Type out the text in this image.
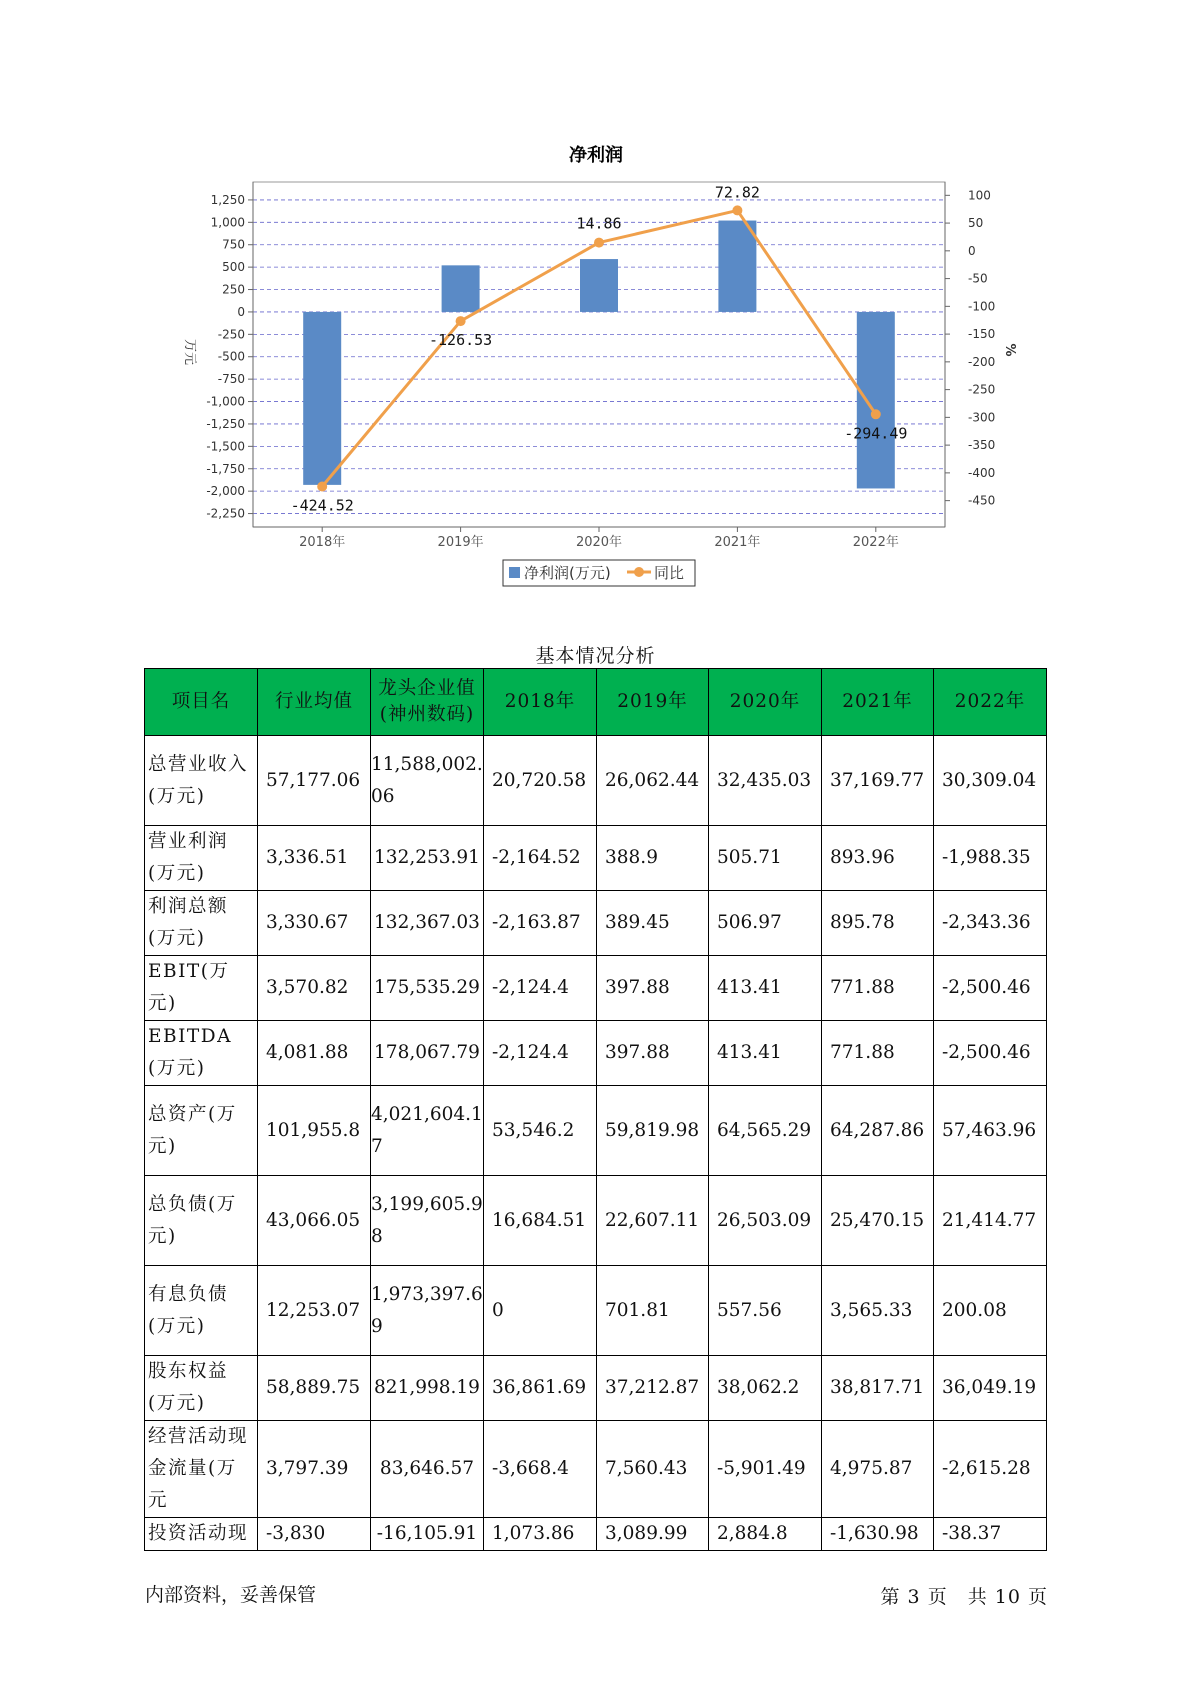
净利润
1,250
1,000
750
500
250
0
-250
-500
-750
-1,000
-1,250
-1,500
-1,750
-2,000
-2,250
100
50
0
-50
-100
-150
-200
-250
-300
-350
-400
-450
2018年	2019年	2020年	2021年	2022年
万元	%
-424.52
-126.53
14.86
72.82
-294.49
净利润(万元)	同比
基本情况分析
项目名	行业均值	龙头企业值(神州数码)	2018年	2019年	2020年	2021年	2022年
总营业收入(万元)	57,177.06	11,588,002.06	20,720.58	26,062.44	32,435.03	37,169.77	30,309.04
营业利润(万元)	3,336.51	132,253.91	-2,164.52	388.9	505.71	893.96	-1,988.35
利润总额(万元)	3,330.67	132,367.03	-2,163.87	389.45	506.97	895.78	-2,343.36
EBIT(万元)	3,570.82	175,535.29	-2,124.4	397.88	413.41	771.88	-2,500.46
EBITDA(万元)	4,081.88	178,067.79	-2,124.4	397.88	413.41	771.88	-2,500.46
总资产(万元)	101,955.8	4,021,604.17	53,546.2	59,819.98	64,565.29	64,287.86	57,463.96
总负债(万元)	43,066.05	3,199,605.98	16,684.51	22,607.11	26,503.09	25,470.15	21,414.77
有息负债(万元)	12,253.07	1,973,397.69	0	701.81	557.56	3,565.33	200.08
股东权益(万元)	58,889.75	821,998.19	36,861.69	37,212.87	38,062.2	38,817.71	36,049.19
经营活动现金流量(万元	3,797.39	83,646.57	-3,668.4	7,560.43	-5,901.49	4,975.87	-2,615.28
投资活动现	-3,830	-16,105.91	1,073.86	3,089.99	2,884.8	-1,630.98	-38.37
内部资料，妥善保管	第 3 页　共 10 页
